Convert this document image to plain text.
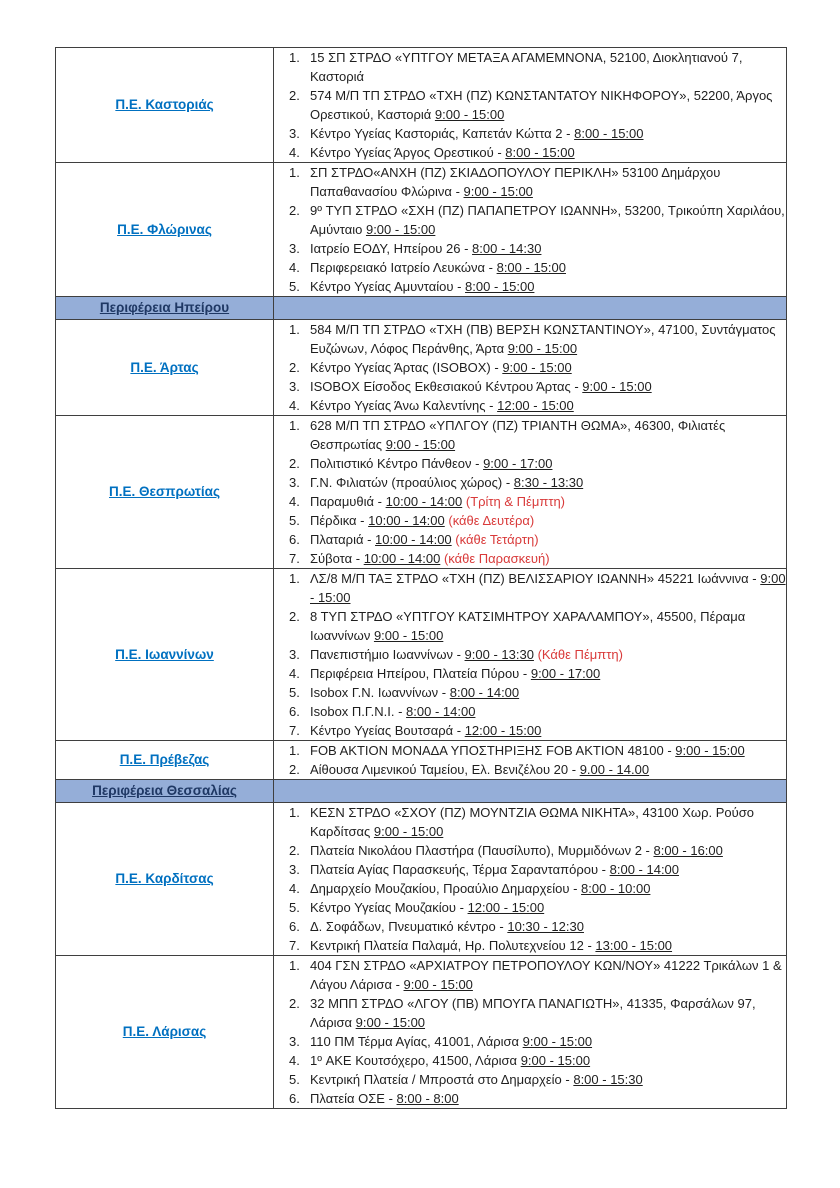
Π.Ε. Καστοριάς	
1. 15 ΣΠ ΣΤΡΔΟ «ΥΠΤΓΟΥ ΜΕΤΑΞΑ ΑΓΑΜΕΜΝΟΝΑ, 52100, Διοκλητιανού 7, Καστοριά
2. 574 Μ/Π ΤΠ ΣΤΡΔΟ «ΤΧΗ (ΠΖ) ΚΩΝΣΤΑΝΤΑΤΟΥ ΝΙΚΗΦΟΡΟΥ», 52200, Άργος Ορεστικού, Καστοριά 9:00 - 15:00
3. Κέντρο Υγείας Καστοριάς, Καπετάν Κώττα 2 - 8:00 - 15:00
4. Κέντρο Υγείας Άργος Ορεστικού - 8:00 - 15:00

Π.Ε. Φλώρινας	
1. ΣΠ ΣΤΡΔΟ«ΑΝΧΗ (ΠΖ) ΣΚΙΑΔΟΠΟΥΛΟΥ ΠΕΡΙΚΛΗ» 53100 Δημάρχου Παπαθανασίου Φλώρινα - 9:00 - 15:00
2. 9º ΤΥΠ ΣΤΡΔΟ «ΣΧΗ (ΠΖ) ΠΑΠΑΠΕΤΡΟΥ ΙΩΑΝΝΗ», 53200, Τρικούπη Χαριλάου, Αμύνταιο 9:00 - 15:00
3. Ιατρείο ΕΟΔΥ, Ηπείρου 26 - 8:00 - 14:30
4. Περιφερειακό Ιατρείο Λευκώνα - 8:00 - 15:00
5. Κέντρο Υγείας Αμυνταίου - 8:00 - 15:00

Περιφέρεια Ηπείρου	
Π.Ε. Άρτας	
1. 584 Μ/Π ΤΠ ΣΤΡΔΟ «ΤΧΗ (ΠΒ) ΒΕΡΣΗ ΚΩΝΣΤΑΝΤΙΝΟΥ», 47100, Συντάγματος Ευζώνων, Λόφος Περάνθης, Άρτα 9:00 - 15:00
2. Κέντρο Υγείας Άρτας (ISOBOX) - 9:00 - 15:00
3. ISOBOX Είσοδος Εκθεσιακού Κέντρου Άρτας - 9:00 - 15:00
4. Κέντρο Υγείας Άνω Καλεντίνης - 12:00 - 15:00

Π.Ε. Θεσπρωτίας	
1. 628 Μ/Π ΤΠ ΣΤΡΔΟ «ΥΠΛΓΟΥ (ΠΖ) ΤΡΙΑΝΤΗ ΘΩΜΑ», 46300, Φιλιατές Θεσπρωτίας 9:00 - 15:00
2. Πολιτιστικό Κέντρο Πάνθεον - 9:00 - 17:00
3. Γ.Ν. Φιλιατών (προαύλιος χώρος) - 8:30 - 13:30
4. Παραμυθιά - 10:00 - 14:00 (Τρίτη & Πέμπτη)
5. Πέρδικα - 10:00 - 14:00 (κάθε Δευτέρα)
6. Πλαταριά - 10:00 - 14:00 (κάθε Τετάρτη)
7. Σύβοτα - 10:00 - 14:00 (κάθε Παρασκευή)

Π.Ε. Ιωαννίνων	
1. ΛΣ/8 Μ/Π ΤΑΞ ΣΤΡΔΟ «ΤΧΗ (ΠΖ) ΒΕΛΙΣΣΑΡΙΟΥ ΙΩΑΝΝΗ» 45221 Ιωάννινα - 9:00 - 15:00
2. 8 ΤΥΠ ΣΤΡΔΟ «ΥΠΤΓΟΥ ΚΑΤΣΙΜΗΤΡΟΥ ΧΑΡΑΛΑΜΠΟΥ», 45500, Πέραμα Ιωαννίνων 9:00 - 15:00
3. Πανεπιστήμιο Ιωαννίνων - 9:00 - 13:30 (Κάθε Πέμπτη)
4. Περιφέρεια Ηπείρου, Πλατεία Πύρου - 9:00 - 17:00
5. Isobox Γ.Ν. Ιωαννίνων - 8:00 - 14:00
6. Isobox Π.Γ.Ν.Ι. - 8:00 - 14:00
7. Κέντρο Υγείας Βουτσαρά - 12:00 - 15:00

Π.Ε. Πρέβεζας	
1. FOB AKTION ΜΟΝΑΔΑ ΥΠΟΣΤΗΡΙΞΗΣ FOB AKTION 48100 - 9:00 - 15:00
2. Αίθουσα Λιμενικού Ταμείου, Ελ. Βενιζέλου 20 - 9.00 - 14.00

Περιφέρεια Θεσσαλίας	
Π.Ε. Καρδίτσας	
1. ΚΕΣΝ ΣΤΡΔΟ «ΣΧΟΥ (ΠΖ) ΜΟΥΝΤΖΙΑ ΘΩΜΑ ΝΙΚΗΤΑ», 43100 Χωρ. Ρούσο Καρδίτσας 9:00 - 15:00
2. Πλατεία Νικολάου Πλαστήρα (Παυσίλυπο), Μυρμιδόνων 2 - 8:00 - 16:00
3. Πλατεία Αγίας Παρασκευής, Τέρμα Σαρανταπόρου - 8:00 - 14:00
4. Δημαρχείο Μουζακίου, Προαύλιο Δημαρχείου - 8:00 - 10:00
5. Κέντρο Υγείας Μουζακίου - 12:00 - 15:00
6. Δ. Σοφάδων, Πνευματικό κέντρο - 10:30 - 12:30
7. Κεντρική Πλατεία Παλαμά, Ηρ. Πολυτεχνείου 12 - 13:00 - 15:00

Π.Ε. Λάρισας	
1. 404 ΓΣΝ ΣΤΡΔΟ «ΑΡΧΙΑΤΡΟΥ ΠΕΤΡΟΠΟΥΛΟΥ ΚΩΝ/ΝΟΥ» 41222 Τρικάλων 1 & Λάγου Λάρισα - 9:00 - 15:00
2. 32 ΜΠΠ ΣΤΡΔΟ «ΛΓΟΥ (ΠΒ) ΜΠΟΥΓΑ ΠΑΝΑΓΙΩΤΗ», 41335, Φαρσάλων 97, Λάρισα 9:00 - 15:00
3. 110 ΠΜ Τέρμα Αγίας, 41001, Λάρισα 9:00 - 15:00
4. 1º ΑΚΕ Κουτσόχερο, 41500, Λάρισα 9:00 - 15:00
5. Κεντρική Πλατεία / Μπροστά στο Δημαρχείο - 8:00 - 15:30
6. Πλατεία ΟΣΕ - 8:00 - 8:00
